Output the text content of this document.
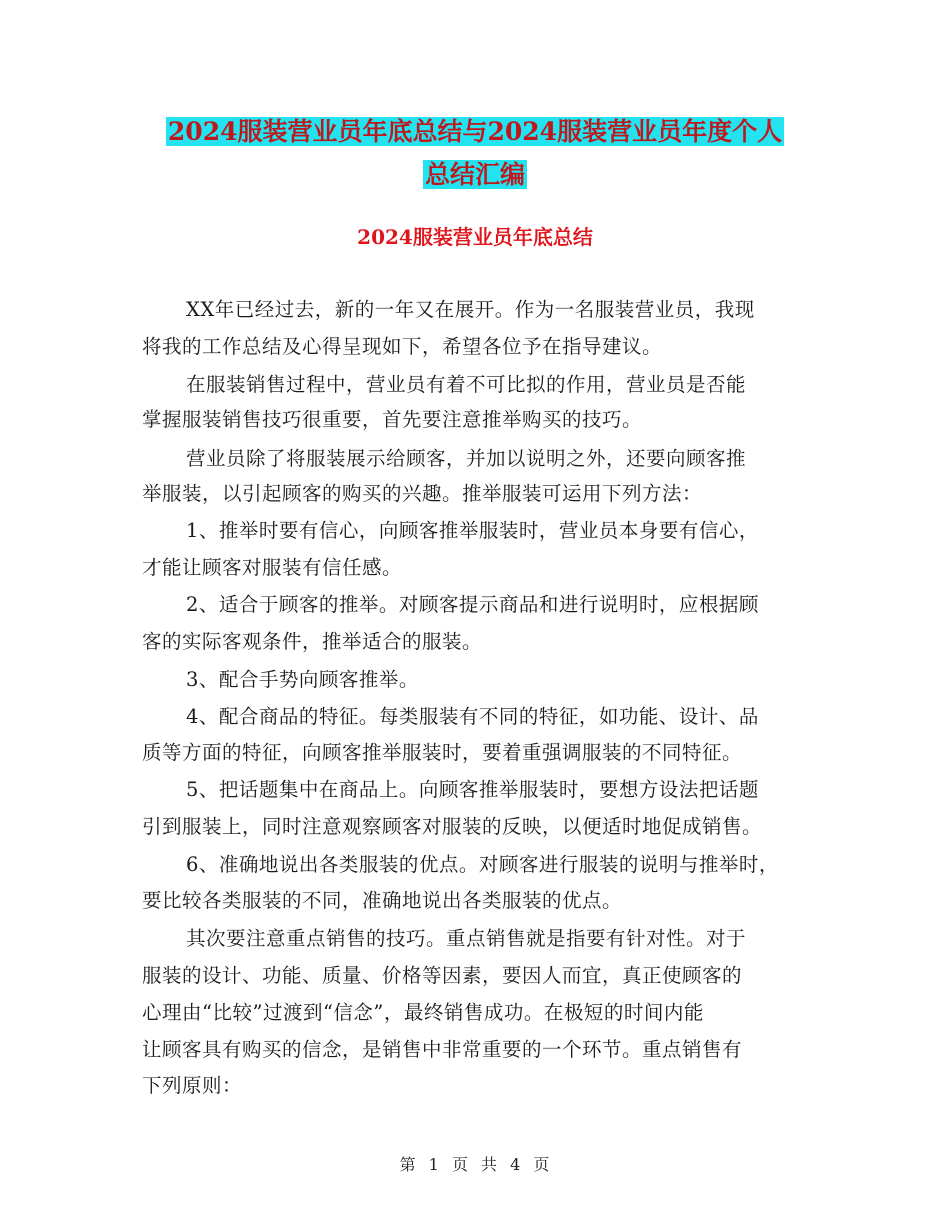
2024服装营业员年底总结与2024服装营业员年度个人
总结汇编
2024服装营业员年底总结
XX年已经过去，新的一年又在展开。作为一名服装营业员，我现
将我的工作总结及心得呈现如下，希望各位予在指导建议。
在服装销售过程中，营业员有着不可比拟的作用，营业员是否能
掌握服装销售技巧很重要，首先要注意推举购买的技巧。
营业员除了将服装展示给顾客，并加以说明之外，还要向顾客推
举服装，以引起顾客的购买的兴趣。推举服装可运用下列方法：
1、推举时要有信心，向顾客推举服装时，营业员本身要有信心，
才能让顾客对服装有信任感。
2、适合于顾客的推举。对顾客提示商品和进行说明时，应根据顾
客的实际客观条件，推举适合的服装。
3、配合手势向顾客推举。
4、配合商品的特征。每类服装有不同的特征，如功能、设计、品
质等方面的特征，向顾客推举服装时，要着重强调服装的不同特征。
5、把话题集中在商品上。向顾客推举服装时，要想方设法把话题
引到服装上，同时注意观察顾客对服装的反映，以便适时地促成销售。
6、准确地说出各类服装的优点。对顾客进行服装的说明与推举时，
要比较各类服装的不同，准确地说出各类服装的优点。
其次要注意重点销售的技巧。重点销售就是指要有针对性。对于
服装的设计、功能、质量、价格等因素，要因人而宜，真正使顾客的
心理由“比较”过渡到“信念”，最终销售成功。在极短的时间内能
让顾客具有购买的信念，是销售中非常重要的一个环节。重点销售有
下列原则：
第 1 页 共 4 页
